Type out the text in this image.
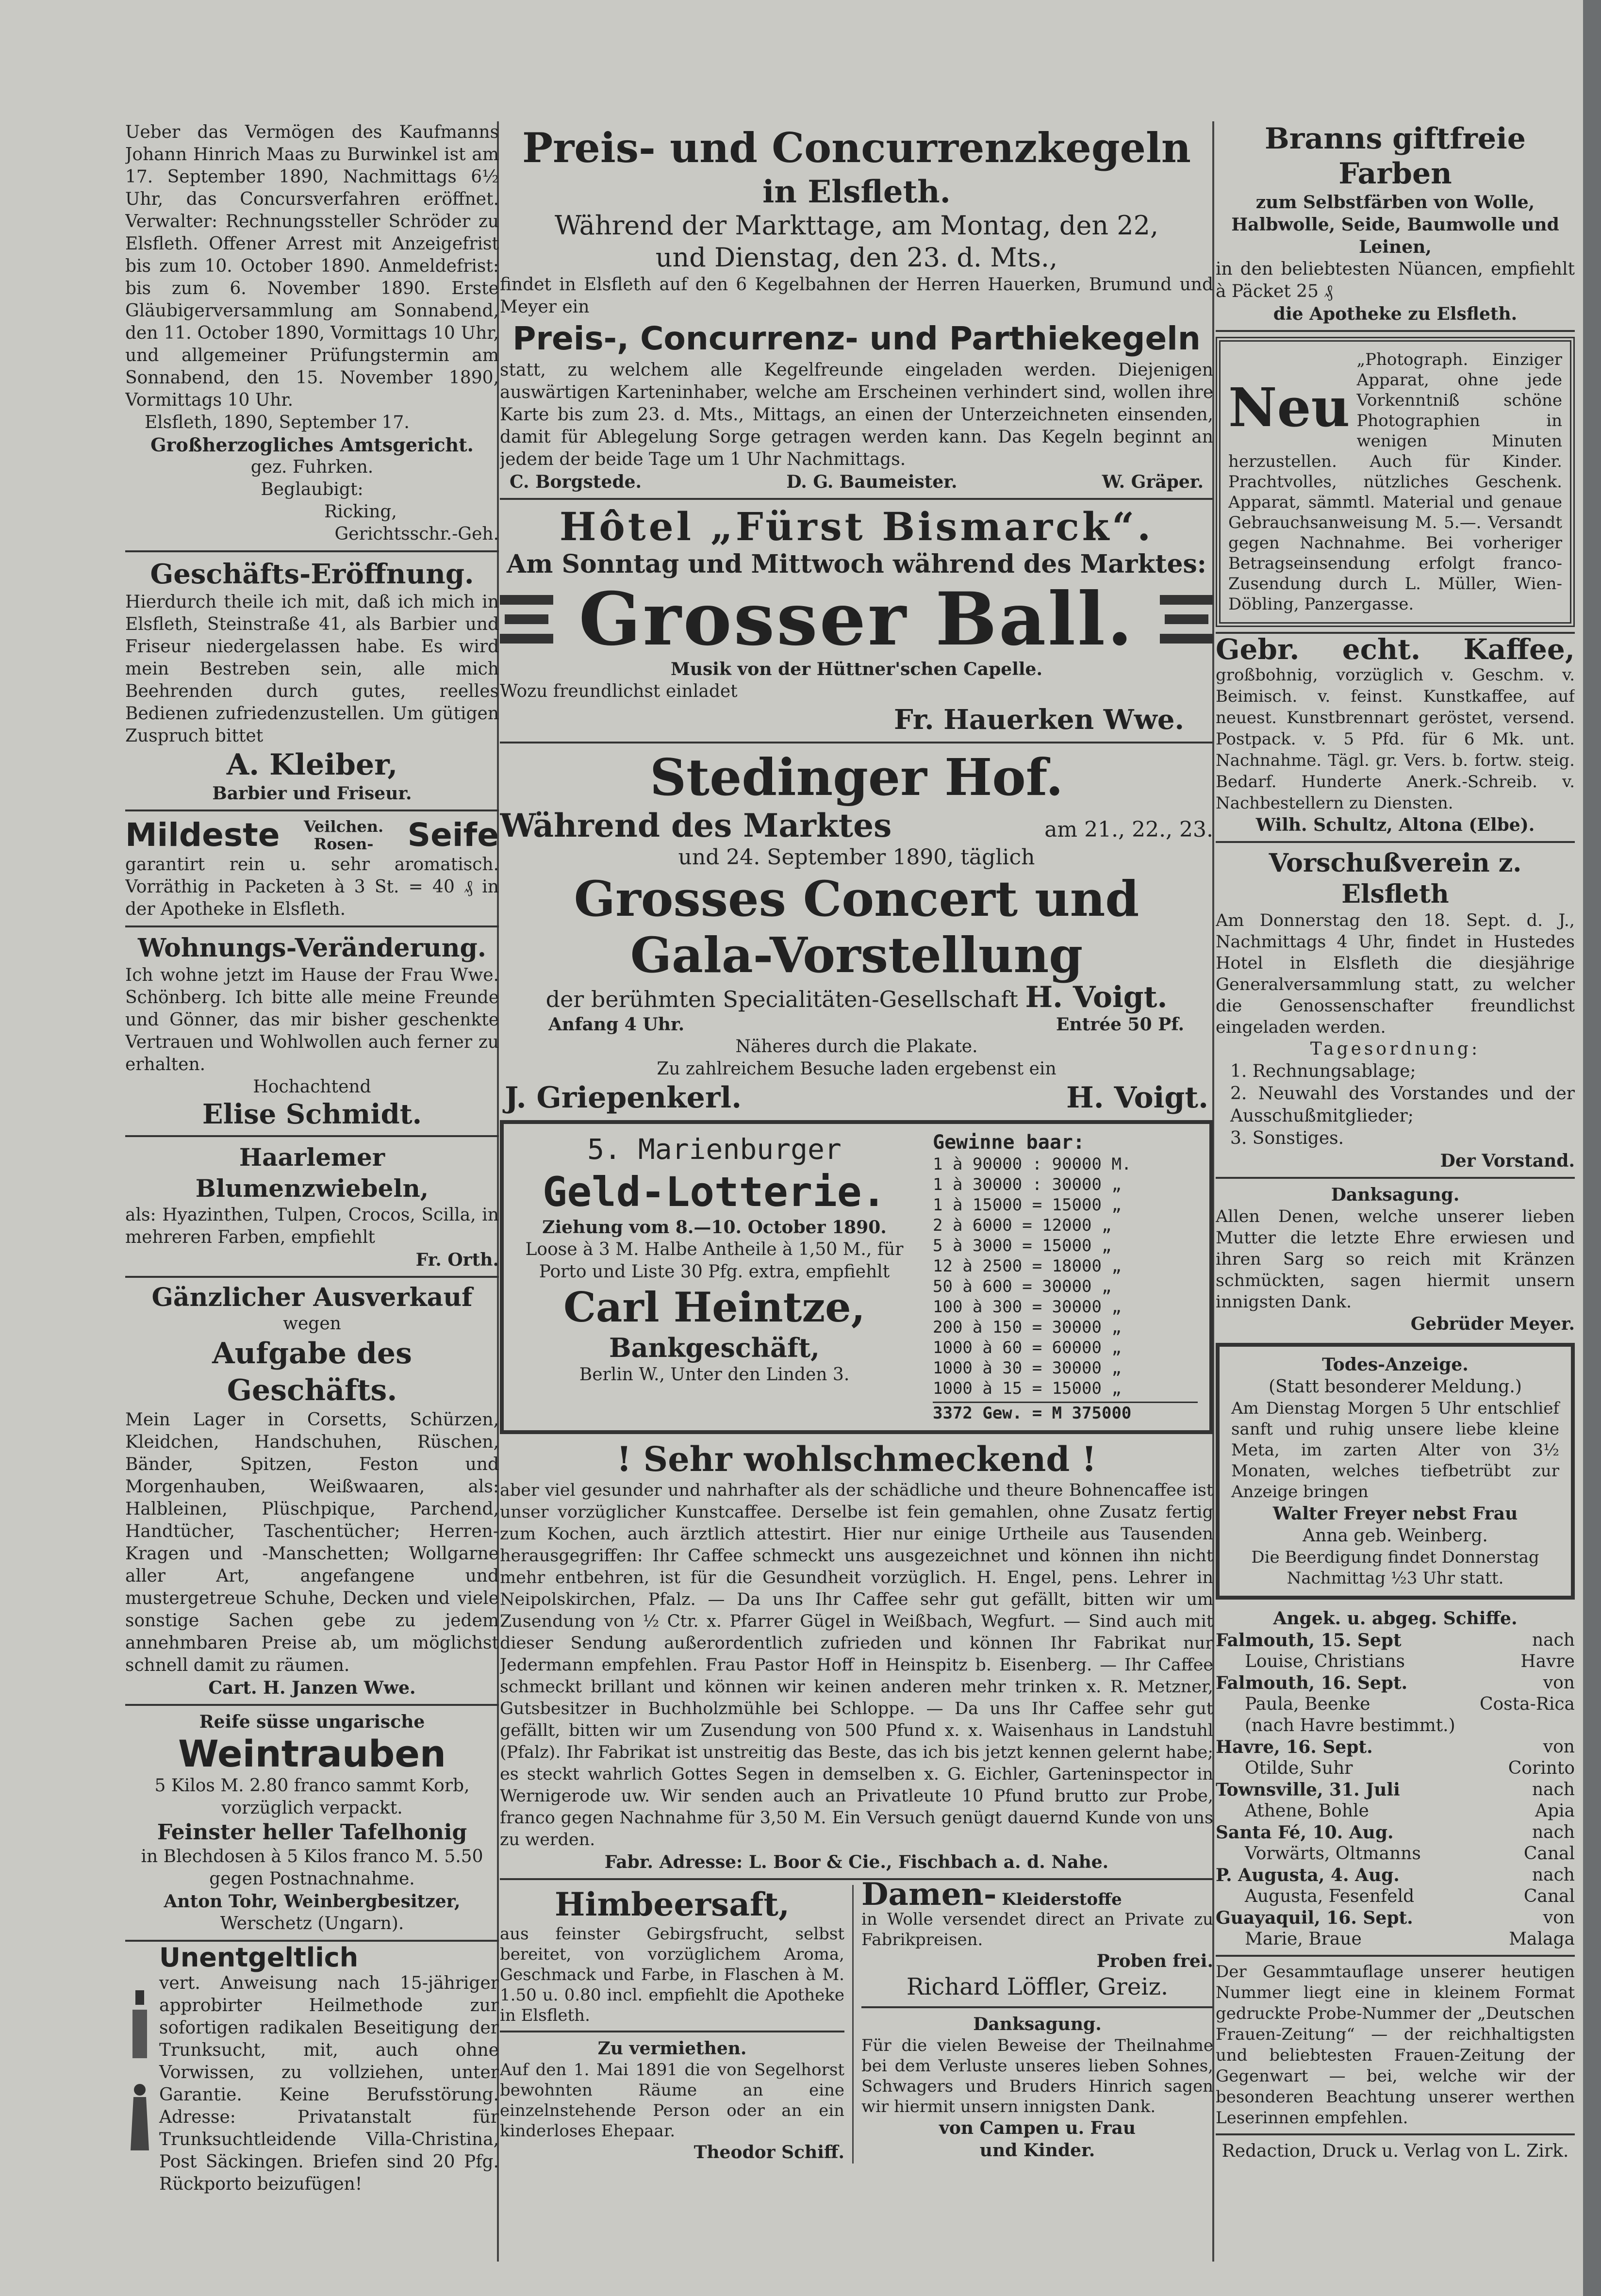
Ueber das Vermögen des Kaufmanns Johann Hinrich Maas zu Burwinkel ist am 17. September 1890, Nachmittags 6½ Uhr, das Concursverfahren eröffnet. Verwalter: Rechnungssteller Schröder zu Elsfleth. Offener Arrest mit Anzeigefrist bis zum 10. October 1890. Anmeldefrist: bis zum 6. November 1890. Erste Gläubigerversammlung am Sonnabend, den 11. October 1890, Vormittags 10 Uhr, und allgemeiner Prüfungstermin am Sonnabend, den 15. November 1890, Vormittags 10 Uhr.

Elsfleth, 1890, September 17.

Großherzogliches Amtsgericht.

gez. Fuhrken.

Beglaubigt:

Ricking,

Gerichtsschr.-Geh.

Geschäfts-Eröffnung.

Hierdurch theile ich mit, daß ich mich in Elsfleth, Steinstraße 41, als Barbier und Friseur niedergelassen habe. Es wird mein Bestreben sein, alle mich Beehrenden durch gutes, reelles Bedienen zufriedenzustellen. Um gütigen Zuspruch bittet

A. Kleiber,

Barbier und Friseur.

Mildeste Veilchen.
Rosen-	Seife

garantirt rein u. sehr aromatisch. Vorräthig in Packeten à 3 St. = 40 ₰ in der Apotheke in Elsfleth.

Wohnungs-Veränderung.

Ich wohne jetzt im Hause der Frau Wwe. Schönberg. Ich bitte alle meine Freunde und Gönner, das mir bisher geschenkte Vertrauen und Wohlwollen auch ferner zu erhalten.

Hochachtend

Elise Schmidt.

Haarlemer Blumenzwiebeln,

als: Hyazinthen, Tulpen, Crocos, Scilla, in mehreren Farben, empfiehlt

Fr. Orth.

Gänzlicher Ausverkauf

wegen

Aufgabe des Geschäfts.

Mein Lager in Corsetts, Schürzen, Kleidchen, Handschuhen, Rüschen, Bänder, Spitzen, Feston und Morgenhauben, Weißwaaren, als: Halbleinen, Plüschpique, Parchend, Handtücher, Taschentücher; Herren-Kragen und -Manschetten; Wollgarne aller Art, angefangene und mustergetreue Schuhe, Decken und viele sonstige Sachen gebe zu jedem annehmbaren Preise ab, um möglichst schnell damit zu räumen.

Cart. H. Janzen Wwe.

Reife süsse ungarische

Weintrauben

5 Kilos M. 2.80 franco sammt Korb, vorzüglich verpackt.

Feinster heller Tafelhonig

in Blechdosen à 5 Kilos franco M. 5.50 gegen Postnachnahme.

Anton Tohr, Weinbergbesitzer,

Werschetz (Ungarn).

Unentgeltlich

vert. Anweisung nach 15-jähriger approbirter Heilmethode zur sofortigen radikalen Beseitigung der Trunksucht, mit, auch ohne Vorwissen, zu vollziehen, unter Garantie. Keine Berufsstörung. Adresse: Privatanstalt für Trunksuchtleidende Villa-Christina, Post Säckingen. Briefen sind 20 Pfg. Rückporto beizufügen!

Preis- und Concurrenzkegeln

in Elsfleth.

Während der Markttage, am Montag, den 22,

und Dienstag, den 23. d. Mts.,

findet in Elsfleth auf den 6 Kegelbahnen der Herren Hauerken, Brumund und Meyer ein

Preis-, Concurrenz- und Parthiekegeln

statt, zu welchem alle Kegelfreunde eingeladen werden. Diejenigen auswärtigen Karteninhaber, welche am Erscheinen verhindert sind, wollen ihre Karte bis zum 23. d. Mts., Mittags, an einen der Unterzeichneten einsenden, damit für Ablegelung Sorge getragen werden kann. Das Kegeln beginnt an jedem der beide Tage um 1 Uhr Nachmittags.

C. Borgstede.	D. G. Baumeister.	W. Gräper.

Hôtel „Fürst Bismarck“.

Am Sonntag und Mittwoch während des Marktes:

Grosser Ball.

Musik von der Hüttner'schen Capelle.

Wozu freundlichst einladet

Fr. Hauerken Wwe.

Stedinger Hof.

Während des Marktes	am 21., 22., 23.

und 24. September 1890, täglich

Grosses Concert und

Gala-Vorstellung

der berühmten Specialitäten-Gesellschaft H. Voigt.

Anfang 4 Uhr.	Entrée 50 Pf.

Näheres durch die Plakate.

Zu zahlreichem Besuche laden ergebenst ein

J. Griepenkerl.	H. Voigt.

5. Marienburger

Geld-Lotterie.

Ziehung vom 8.—10. October 1890.

Loose à 3 M. Halbe Antheile à 1,50 M., für Porto und Liste 30 Pfg. extra, empfiehlt

Carl Heintze,

Bankgeschäft,

Berlin W., Unter den Linden 3.

Gewinne baar:

1 à 90000 : 90000 M.
1 à 30000 : 30000 „
1 à 15000 = 15000 „
2 à 6000 = 12000 „
5 à 3000 = 15000 „
12 à 2500 = 18000 „
50 à 600 = 30000 „
100 à 300 = 30000 „
200 à 150 = 30000 „
1000 à 60 = 60000 „
1000 à 30 = 30000 „
1000 à 15 = 15000 „

3372 Gew. = M 375000

! Sehr wohlschmeckend !

aber viel gesunder und nahrhafter als der schädliche und theure Bohnencaffee ist unser vorzüglicher Kunstcaffee. Derselbe ist fein gemahlen, ohne Zusatz fertig zum Kochen, auch ärztlich attestirt. Hier nur einige Urtheile aus Tausenden herausgegriffen: Ihr Caffee schmeckt uns ausgezeichnet und können ihn nicht mehr entbehren, ist für die Gesundheit vorzüglich. H. Engel, pens. Lehrer in Neipolskirchen, Pfalz. — Da uns Ihr Caffee sehr gut gefällt, bitten wir um Zusendung von ½ Ctr. x. Pfarrer Gügel in Weißbach, Wegfurt. — Sind auch mit dieser Sendung außerordentlich zufrieden und können Ihr Fabrikat nur Jedermann empfehlen. Frau Pastor Hoff in Heinspitz b. Eisenberg. — Ihr Caffee schmeckt brillant und können wir keinen anderen mehr trinken x. R. Metzner, Gutsbesitzer in Buchholzmühle bei Schloppe. — Da uns Ihr Caffee sehr gut gefällt, bitten wir um Zusendung von 500 Pfund x. x. Waisenhaus in Landstuhl (Pfalz). Ihr Fabrikat ist unstreitig das Beste, das ich bis jetzt kennen gelernt habe; es steckt wahrlich Gottes Segen in demselben x. G. Eichler, Garteninspector in Wernigerode uw. Wir senden auch an Privatleute 10 Pfund brutto zur Probe, franco gegen Nachnahme für 3,50 M. Ein Versuch genügt dauernd Kunde von uns zu werden.

Fabr. Adresse: L. Boor & Cie., Fischbach a. d. Nahe.

Himbeersaft,

aus feinster Gebirgsfrucht, selbst bereitet, von vorzüglichem Aroma, Geschmack und Farbe, in Flaschen à M. 1.50 u. 0.80 incl. empfiehlt die Apotheke in Elsfleth.

Zu vermiethen.

Auf den 1. Mai 1891 die von Segelhorst bewohnten Räume an eine einzelnstehende Person oder an ein kinderloses Ehepaar.

Theodor Schiff.

Damen- Kleiderstoffe

in Wolle versendet direct an Private zu Fabrikpreisen.

Proben frei.

Richard Löffler, Greiz.

Danksagung.

Für die vielen Beweise der Theilnahme bei dem Verluste unseres lieben Sohnes, Schwagers und Bruders Hinrich sagen wir hiermit unsern innigsten Dank.

von Campen u. Frau

und Kinder.

Branns giftfreie Farben

zum Selbstfärben von Wolle, Halbwolle, Seide, Baumwolle und Leinen,

in den beliebtesten Nüancen, empfiehlt à Päcket 25 ₰

die Apotheke zu Elsfleth.

Neu
„Photograph. Einziger Apparat, ohne jede Vorkenntniß schöne Photographien in wenigen Minuten herzustellen. Auch für Kinder. Prachtvolles, nützliches Geschenk. Apparat, sämmtl. Material und genaue Gebrauchsanweisung M. 5.—. Versandt gegen Nachnahme. Bei vorheriger Betragseinsendung erfolgt franco-Zusendung durch L. Müller, Wien-Döbling, Panzergasse.

Gebr. echt. Kaffee, großbohnig, vorzüglich v. Geschm. v. Beimisch. v. feinst. Kunstkaffee, auf neuest. Kunstbrennart geröstet, versend. Postpack. v. 5 Pfd. für 6 Mk. unt. Nachnahme. Tägl. gr. Vers. b. fortw. steig. Bedarf. Hunderte Anerk.-Schreib. v. Nachbestellern zu Diensten.

Wilh. Schultz, Altona (Elbe).

Vorschußverein z. Elsfleth

Am Donnerstag den 18. Sept. d. J., Nachmittags 4 Uhr, findet in Hustedes Hotel in Elsfleth die diesjährige Generalversammlung statt, zu welcher die Genossenschafter freundlichst eingeladen werden.

Tagesordnung:

1. Rechnungsablage;

2. Neuwahl des Vorstandes und der Ausschußmitglieder;

3. Sonstiges.

Der Vorstand.

Danksagung.

Allen Denen, welche unserer lieben Mutter die letzte Ehre erwiesen und ihren Sarg so reich mit Kränzen schmückten, sagen hiermit unsern innigsten Dank.

Gebrüder Meyer.

Todes-Anzeige.

(Statt besonderer Meldung.)

Am Dienstag Morgen 5 Uhr entschlief sanft und ruhig unsere liebe kleine Meta, im zarten Alter von 3½ Monaten, welches tiefbetrübt zur Anzeige bringen

Walter Freyer nebst Frau

Anna geb. Weinberg.

Die Beerdigung findet Donnerstag Nachmittag ½3 Uhr statt.

Angek. u. abgeg. Schiffe.

Falmouth, 15. Sept	nach
Louise, Christians	Havre
Falmouth, 16. Sept.	von
Paula, Beenke	Costa-Rica
(nach Havre bestimmt.)
Havre, 16. Sept.	von
Otilde, Suhr	Corinto
Townsville, 31. Juli	nach
Athene, Bohle	Apia
Santa Fé, 10. Aug.	nach
Vorwärts, Oltmanns	Canal
P. Augusta, 4. Aug.	nach
Augusta, Fesenfeld	Canal
Guayaquil, 16. Sept.	von
Marie, Braue	Malaga

Der Gesammtauflage unserer heutigen Nummer liegt eine in kleinem Format gedruckte Probe-Nummer der „Deutschen Frauen-Zeitung“ — der reichhaltigsten und beliebtesten Frauen-Zeitung der Gegenwart — bei, welche wir der besonderen Beachtung unserer werthen Leserinnen empfehlen.

Redaction, Druck u. Verlag von L. Zirk.
